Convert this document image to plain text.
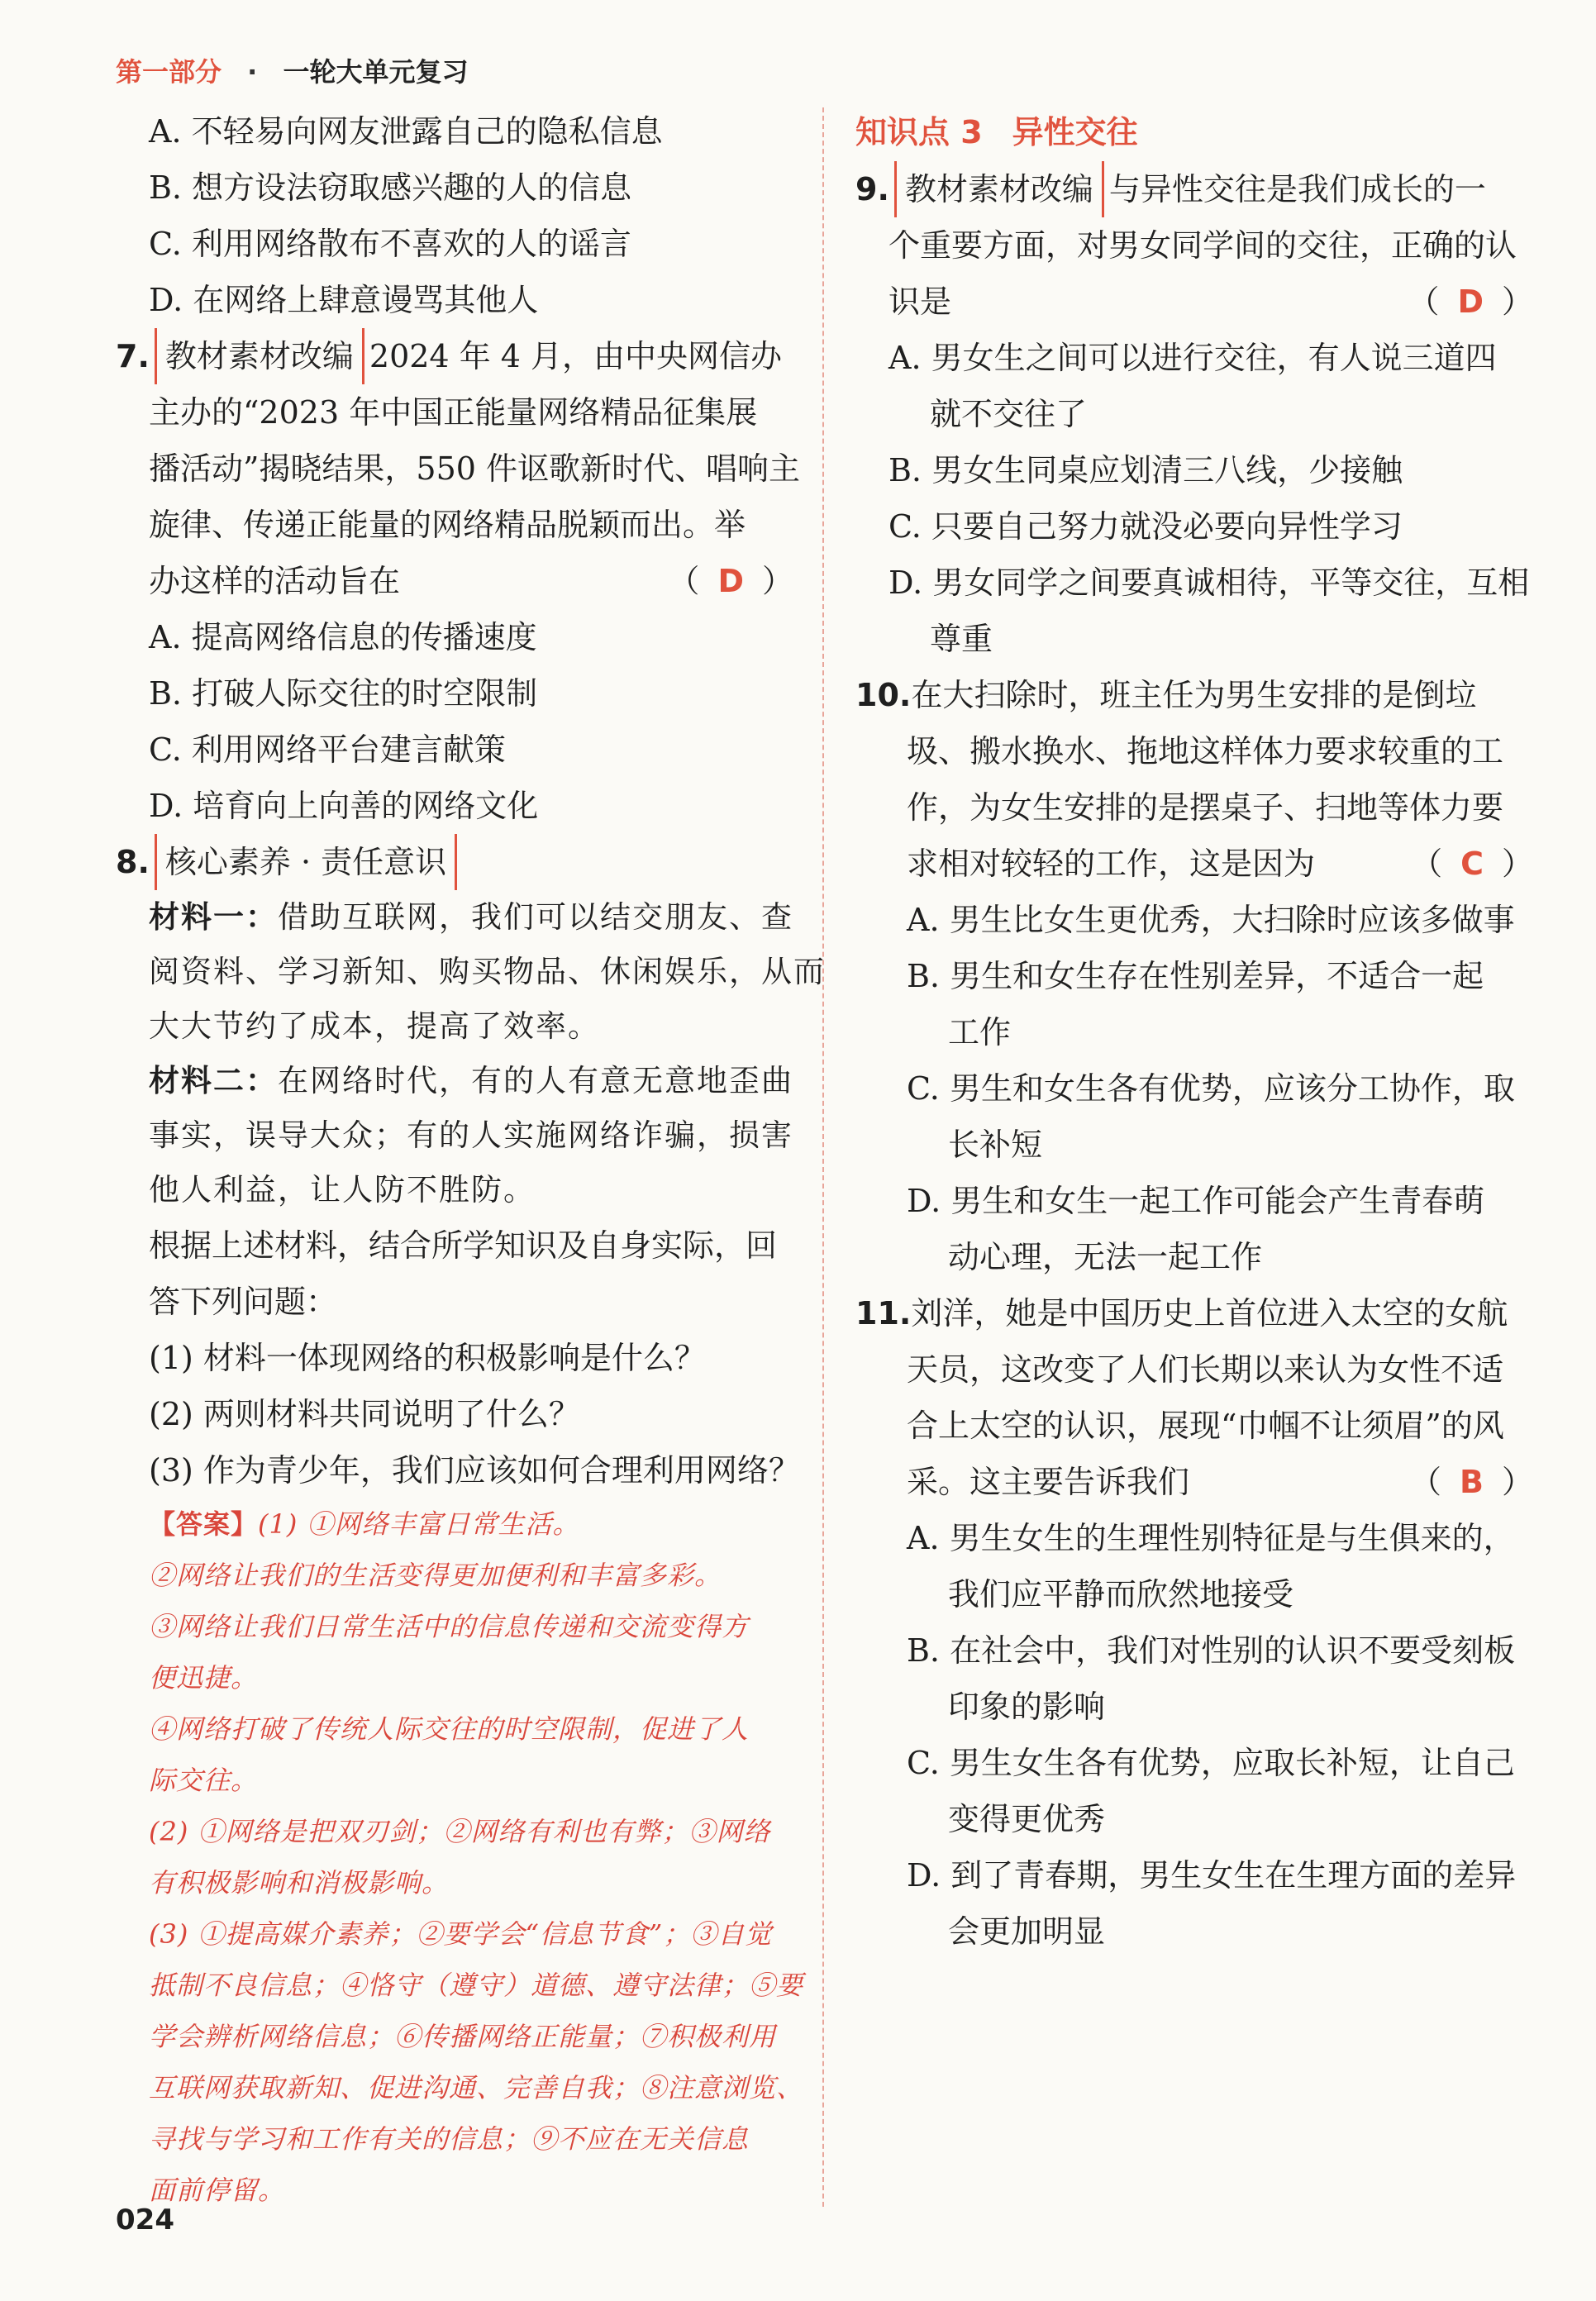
第一部分 · 一轮大单元复习
A. 不轻易向网友泄露自己的隐私信息
B. 想方设法窃取感兴趣的人的信息
C. 利用网络散布不喜欢的人的谣言
D. 在网络上肆意谩骂其他人
7. 教材素材改编 2024 年 4 月，由中央网信办
主办的“2023 年中国正能量网络精品征集展
播活动”揭晓结果，550 件讴歌新时代、唱响主
旋律、传递正能量的网络精品脱颖而出。举
办这样的活动旨在	（ D ）
A. 提高网络信息的传播速度
B. 打破人际交往的时空限制
C. 利用网络平台建言献策
D. 培育向上向善的网络文化
8. 核心素养 · 责任意识
材料一：借助互联网，我们可以结交朋友、查
阅资料、学习新知、购买物品、休闲娱乐，从而
大大节约了成本，提高了效率。
材料二：在网络时代，有的人有意无意地歪曲
事实，误导大众；有的人实施网络诈骗，损害
他人利益，让人防不胜防。
根据上述材料，结合所学知识及自身实际，回
答下列问题：
(1) 材料一体现网络的积极影响是什么？
(2) 两则材料共同说明了什么？
(3) 作为青少年，我们应该如何合理利用网络？
【答案】(1) ①网络丰富日常生活。
②网络让我们的生活变得更加便利和丰富多彩。
③网络让我们日常生活中的信息传递和交流变得方
便迅捷。
④网络打破了传统人际交往的时空限制，促进了人
际交往。
(2) ①网络是把双刃剑；②网络有利也有弊；③网络
有积极影响和消极影响。
(3) ①提高媒介素养；②要学会“信息节食”；③自觉
抵制不良信息；④恪守（遵守）道德、遵守法律；⑤要
学会辨析网络信息；⑥传播网络正能量；⑦积极利用
互联网获取新知、促进沟通、完善自我；⑧注意浏览、
寻找与学习和工作有关的信息；⑨不应在无关信息
面前停留。
知识点 3 异性交往
9. 教材素材改编 与异性交往是我们成长的一
个重要方面，对男女同学间的交往，正确的认
识是	（ D ）
A. 男女生之间可以进行交往，有人说三道四
就不交往了
B. 男女生同桌应划清三八线，少接触
C. 只要自己努力就没必要向异性学习
D. 男女同学之间要真诚相待，平等交往，互相
尊重
10.在大扫除时，班主任为男生安排的是倒垃
圾、搬水换水、拖地这样体力要求较重的工
作，为女生安排的是摆桌子、扫地等体力要
求相对较轻的工作，这是因为	（ C ）
A. 男生比女生更优秀，大扫除时应该多做事
B. 男生和女生存在性别差异，不适合一起
工作
C. 男生和女生各有优势，应该分工协作，取
长补短
D. 男生和女生一起工作可能会产生青春萌
动心理，无法一起工作
11.刘洋，她是中国历史上首位进入太空的女航
天员，这改变了人们长期以来认为女性不适
合上太空的认识，展现“巾帼不让须眉”的风
采。这主要告诉我们	（ B ）
A. 男生女生的生理性别特征是与生俱来的，
我们应平静而欣然地接受
B. 在社会中，我们对性别的认识不要受刻板
印象的影响
C. 男生女生各有优势，应取长补短，让自己
变得更优秀
D. 到了青春期，男生女生在生理方面的差异
会更加明显
024
